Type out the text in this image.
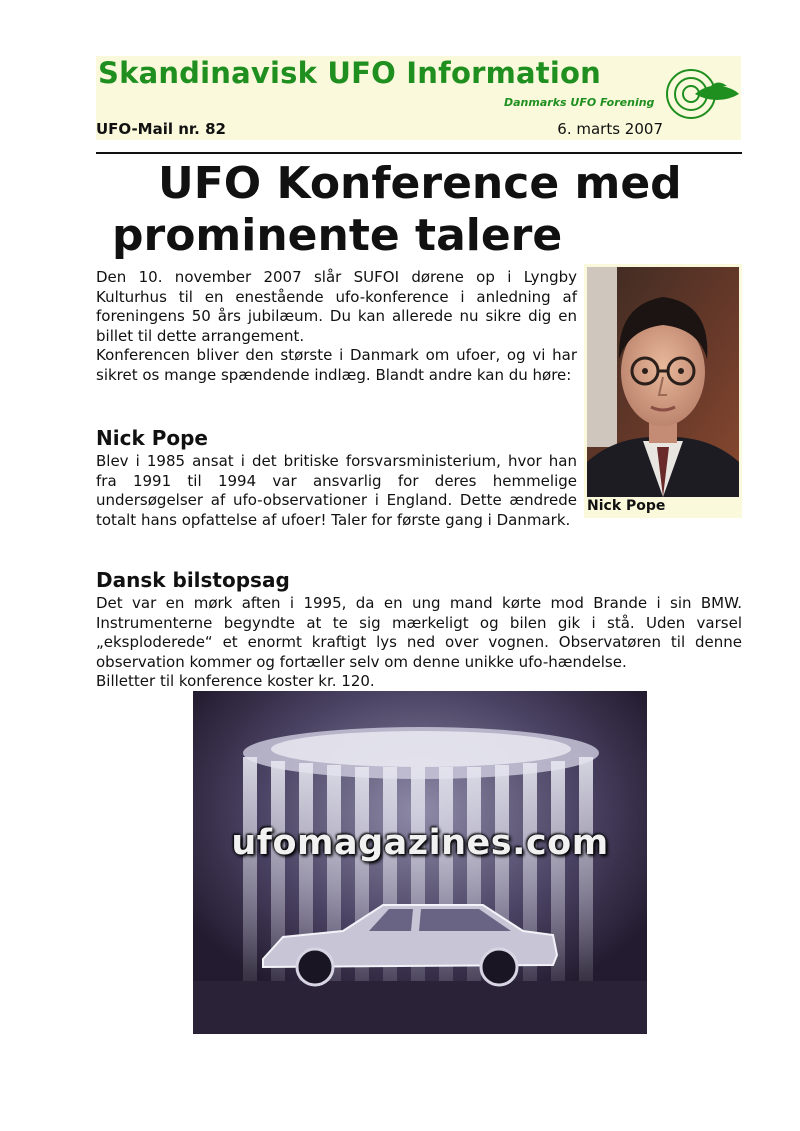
Skandinavisk UFO Information
Danmarks UFO Forening
UFO-Mail nr. 82	6. marts 2007
UFO Konference med
prominente talere
Den 10. november 2007 slår SUFOI dørene op i Lyngby Kulturhus til en enestående ufo-konference i anledning af foreningens 50 års jubilæum. Du kan allerede nu sikre dig en billet til dette arrangement.
Konferencen bliver den største i Danmark om ufoer, og vi har sikret os mange spændende indlæg. Blandt andre kan du høre:
Nick Pope
Blev i 1985 ansat i det britiske forsvarsministerium, hvor han fra 1991 til 1994 var ansvarlig for deres hemmelige undersøgelser af ufo-observationer i England. Dette ændrede totalt hans opfattelse af ufoer! Taler for første gang i Danmark.
Nick Pope
Dansk bilstopsag
Det var en mørk aften i 1995, da en ung mand kørte mod Brande i sin BMW. Instrumenterne begyndte at te sig mærkeligt og bilen gik i stå. Uden varsel „eksploderede“ et enormt kraftigt lys ned over vognen. Observatøren til denne observation kommer og fortæller selv om denne unikke ufo-hændelse.
Billetter til konference koster kr. 120.
ufomagazines.com
